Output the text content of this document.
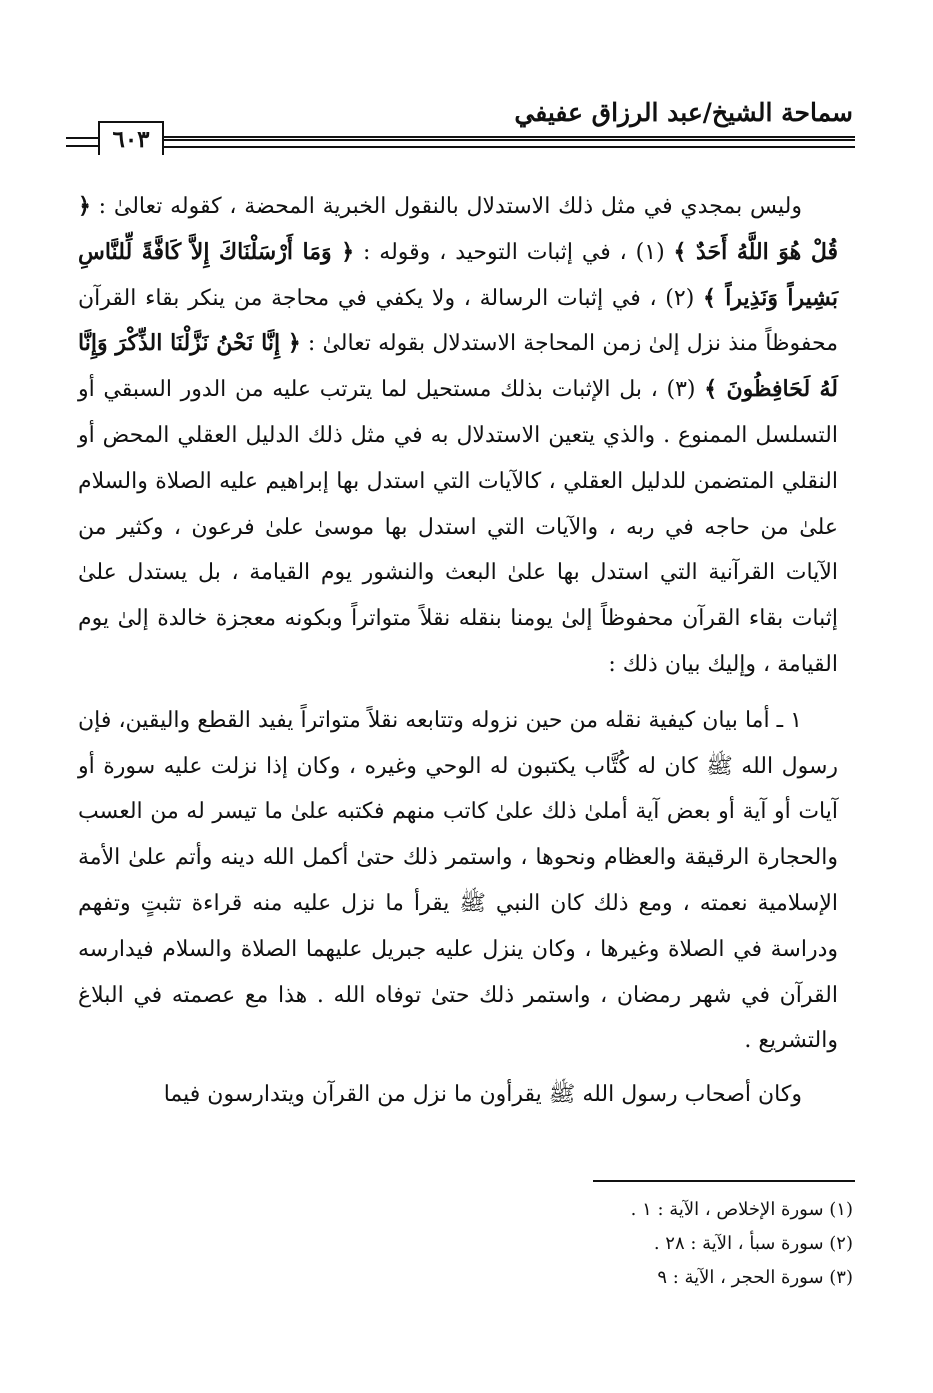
سماحة الشيخ/عبد الرزاق عفيفي
٦٠٣

وليس بمجدي في مثل ذلك الاستدلال بالنقول الخبرية المحضة ، كقوله تعالىٰ : ﴿ قُلْ هُوَ اللَّهُ أَحَدٌ ﴾ (١) ، في إثبات التوحيد ، وقوله : ﴿ وَمَا أَرْسَلْنَاكَ إِلاَّ كَافَّةً لِّلنَّاسِ بَشِيراً وَنَذِيراً ﴾ (٢) ، في إثبات الرسالة ، ولا يكفي في محاجة من ينكر بقاء القرآن محفوظاً منذ نزل إلىٰ زمن المحاجة الاستدلال بقوله تعالىٰ : ﴿ إِنَّا نَحْنُ نَزَّلْنَا الذِّكْرَ وَإِنَّا لَهُ لَحَافِظُونَ ﴾ (٣) ، بل الإثبات بذلك مستحيل لما يترتب عليه من الدور السبقي أو التسلسل الممنوع . والذي يتعين الاستدلال به في مثل ذلك الدليل العقلي المحض أو النقلي المتضمن للدليل العقلي ، كالآيات التي استدل بها إبراهيم عليه الصلاة والسلام علىٰ من حاجه في ربه ، والآيات التي استدل بها موسىٰ علىٰ فرعون ، وكثير من الآيات القرآنية التي استدل بها علىٰ البعث والنشور يوم القيامة ، بل يستدل علىٰ إثبات بقاء القرآن محفوظاً إلىٰ يومنا بنقله نقلاً متواتراً وبكونه معجزة خالدة إلىٰ يوم القيامة ، وإليك بيان ذلك :

١ ـ أما بيان كيفية نقله من حين نزوله وتتابعه نقلاً متواتراً يفيد القطع واليقين، فإن رسول الله ﷺ كان له كُتَّاب يكتبون له الوحي وغيره ، وكان إذا نزلت عليه سورة أو آيات أو آية أو بعض آية أملىٰ ذلك علىٰ كاتب منهم فكتبه علىٰ ما تيسر له من العسب والحجارة الرقيقة والعظام ونحوها ، واستمر ذلك حتىٰ أكمل الله دينه وأتم علىٰ الأمة الإسلامية نعمته ، ومع ذلك كان النبي ﷺ يقرأ ما نزل عليه منه قراءة تثبتٍ وتفهم ودراسة في الصلاة وغيرها ، وكان ينزل عليه جبريل عليهما الصلاة والسلام فيدارسه القرآن في شهر رمضان ، واستمر ذلك حتىٰ توفاه الله . هذا مع عصمته في البلاغ والتشريع .

وكان أصحاب رسول الله ﷺ يقرأون ما نزل من القرآن ويتدارسون فيما

(١) سورة الإخلاص ، الآية : ١ .

(٢) سورة سبأ ، الآية : ٢٨ .

(٣) سورة الحجر ، الآية : ٩
